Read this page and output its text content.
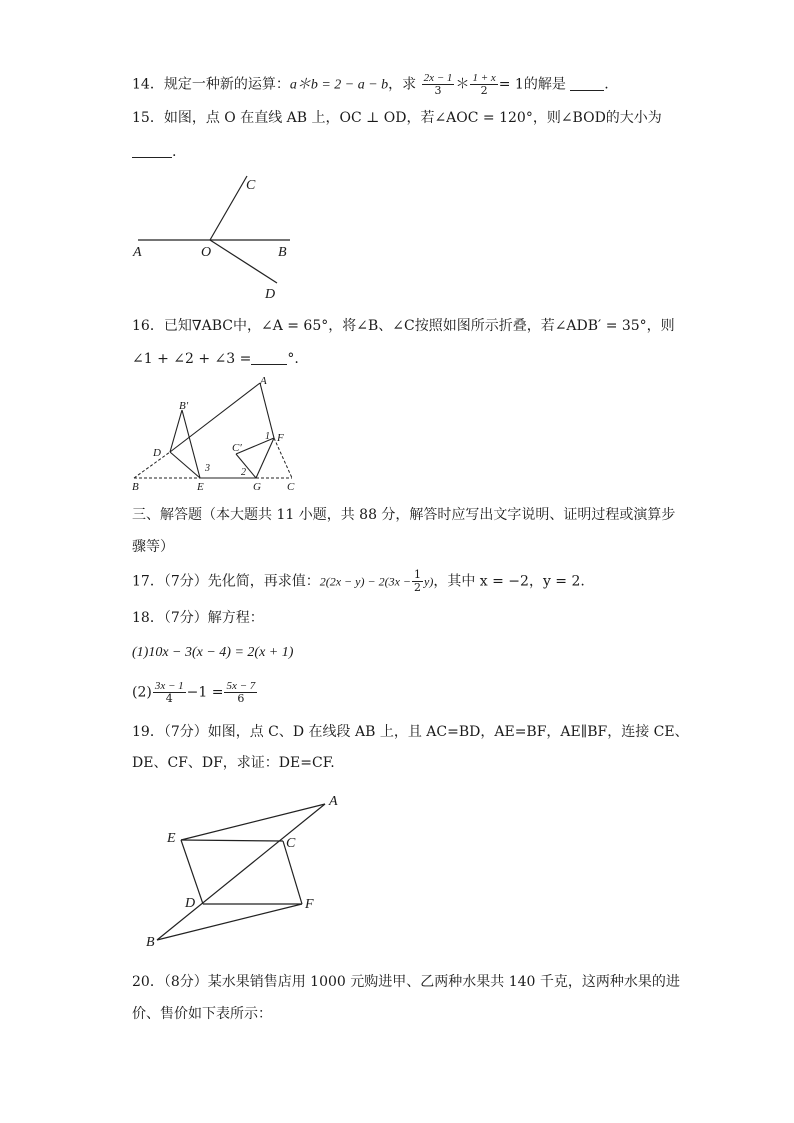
14．规定一种新的运算：a＊b = 2 − a − b，求 $\frac{2x - 1}{3}$ ＊ $\frac{1 + x}{2} = 1$的解是	.
15．如图，点 O 在直线 AB 上，OC ⊥ OD，若∠AOC = 120°，则∠BOD的大小为
.
A	O	B
C
D
16．已知∇ABC中，∠A = 65°，将∠B、∠C按照如图所示折叠，若∠ADB′ = 35°，则
∠1 + ∠2 + ∠3 =	°.
A
B′
D
B	E
3
C′
1 F
2
G C
三、解答题（本大题共 11 小题，共 88 分，解答时应写出文字说明、证明过程或演算步
骤等）
17．（7分）先化简，再求值：$2(2x - y) - 2(3x - \frac{1}{2} y)$，其中 x = −2，y = 2.
18．（7分）解方程：
(1)10x − 3(x − 4) = 2(x + 1)
$(2) \frac{3x - 1}{4} -1 = \frac{5x - 7}{6}$
19．（7分）如图，点 C、D 在线段 AB 上，且 AC=BD，AE=BF，AE∥BF，连接 CE、
DE、CF、DF，求证：DE=CF.
A
E	C
D	F
B
20．（8分）某水果销售店用 1000 元购进甲、乙两种水果共 140 千克，这两种水果的进
价、售价如下表所示：
